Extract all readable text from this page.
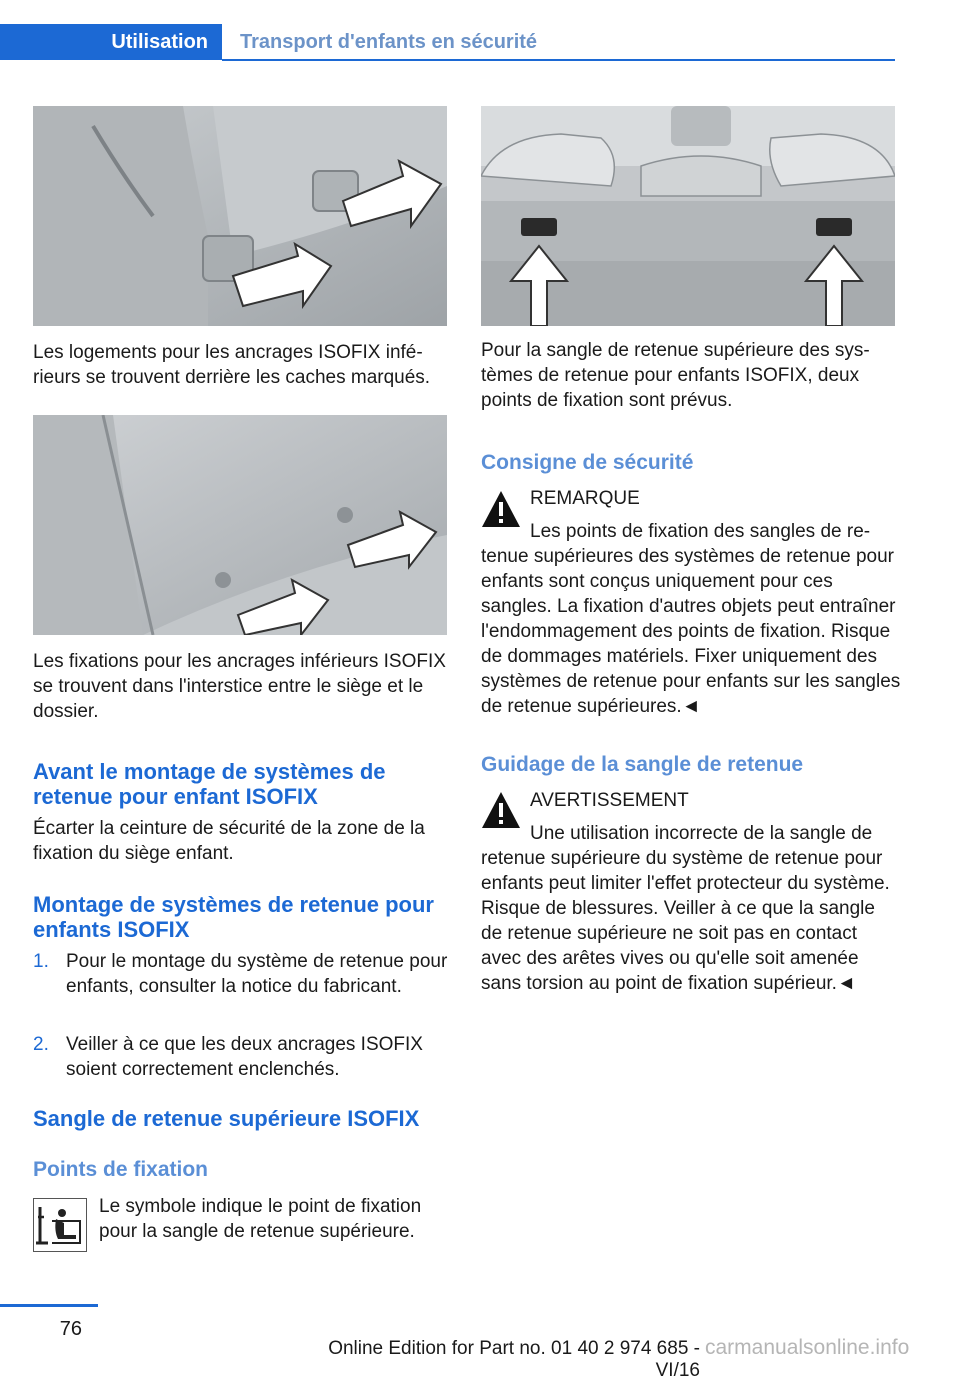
Utilisation	Transport d'enfants en sécurité

Les logements pour les ancrages ISOFIX inférieurs se trouvent derrière les caches marqués.

Les fixations pour les ancrages inférieurs ISOFIX se trouvent dans l'interstice entre le siège et le dossier.

Avant le montage de systèmes de retenue pour enfant ISOFIX

Écarter la ceinture de sécurité de la zone de la fixation du siège enfant.

Montage de systèmes de retenue pour enfants ISOFIX
1. Pour le montage du système de retenue pour enfants, consulter la notice du fabricant.

2. Veiller à ce que les deux ancrages ISOFIX soient correctement enclenchés.

Sangle de retenue supérieure ISOFIX
Points de fixation

Le symbole indique le point de fixation pour la sangle de retenue supérieure.

Pour la sangle de retenue supérieure des systèmes de retenue pour enfants ISOFIX, deux points de fixation sont prévus.

Consigne de sécurité
REMARQUE
Les points de fixation des sangles de re-

tenue supérieures des systèmes de retenue pour enfants sont conçus uniquement pour ces sangles. La fixation d'autres objets peut entraîner l'endommagement des points de fixation. Risque de dommages matériels. Fixer uniquement des systèmes de retenue pour enfants sur les sangles de retenue supérieures.◄

Guidage de la sangle de retenue
AVERTISSEMENT
Une utilisation incorrecte de la sangle de

retenue supérieure du système de retenue pour enfants peut limiter l'effet protecteur du système. Risque de blessures. Veiller à ce que la sangle de retenue supérieure ne soit pas en contact avec des arêtes vives ou qu'elle soit amenée sans torsion au point de fixation supérieur.◄

76
Online Edition for Part no. 01 40 2 974 685 - VI/16
carmanualsonline.info
